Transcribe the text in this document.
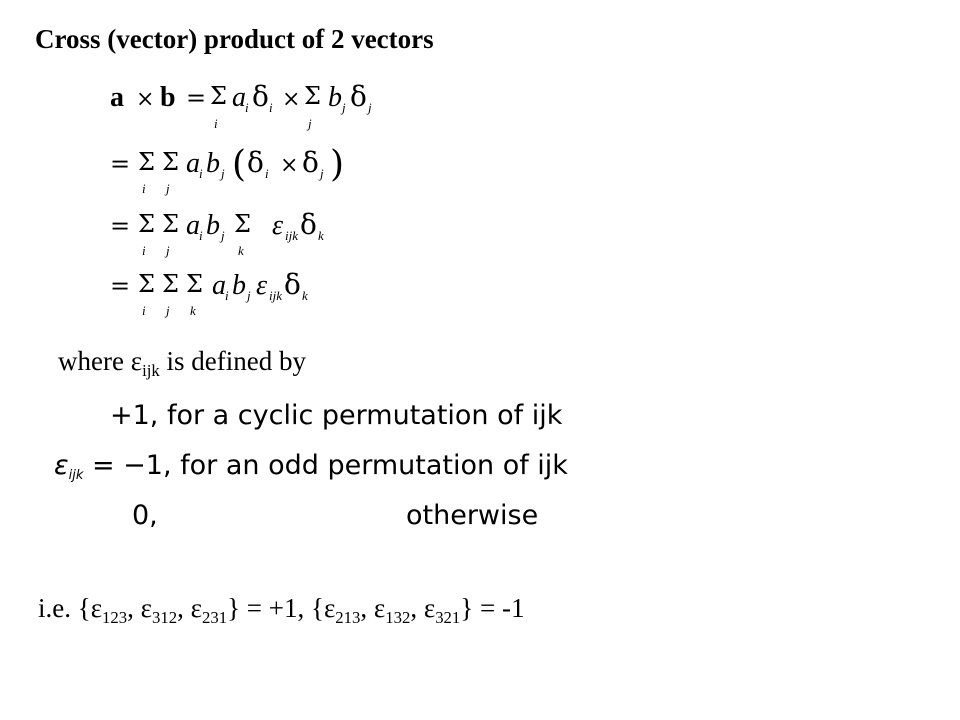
Cross (vector) product of 2 vectors
a × b = Σ
i
a i δ i × Σ
j
b j δ j
= Σ
i
Σ
j
a i b j ( δ i × δ j )
= Σ
i
Σ
j
a i b j Σ
k
ε ijk δ k
= Σ
i
Σ
j
Σ
k
a i b j ε ijk δ k
where $\varepsilon_{ijk}$ is defined by
+1, for a cyclic permutation of ijk
εijk = −1, for an odd permutation of ijk
0,	otherwise
i.e. {$\varepsilon_{123}$, $\varepsilon_{312}$, $\varepsilon_{231}\} = +1$, {$\varepsilon_{213}$, $\varepsilon_{132}$, $\varepsilon_{321}\} = -1$
